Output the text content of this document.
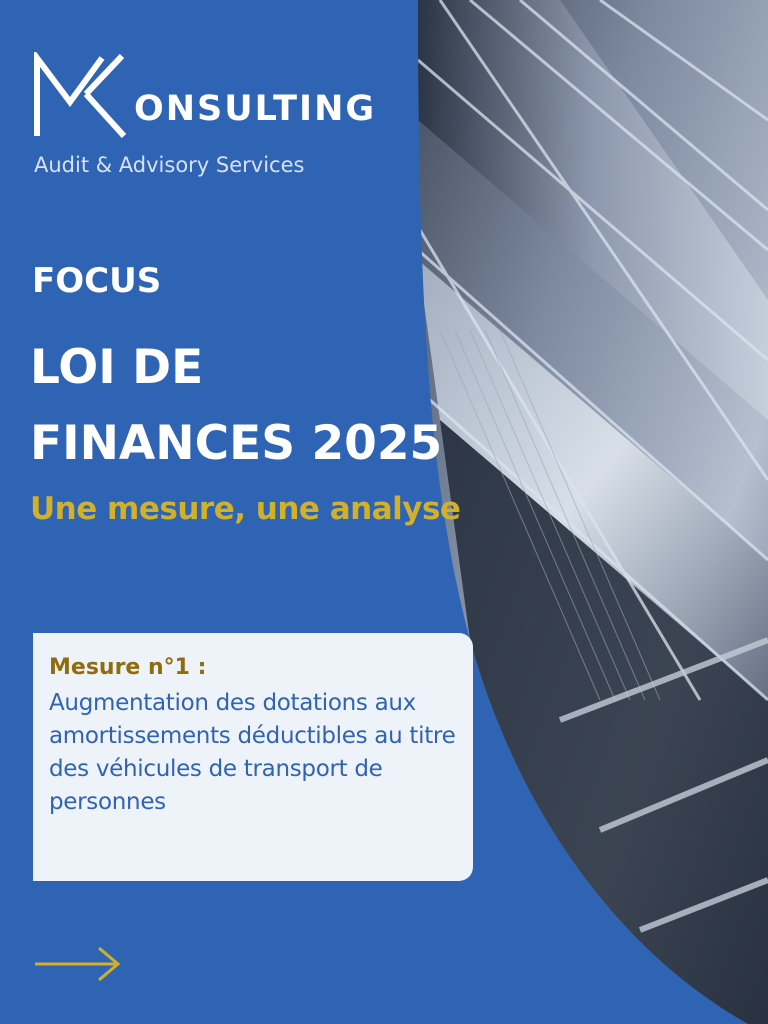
ONSULTING
Audit & Advisory Services
FOCUS
LOI DE
FINANCES 2025
Une mesure, une analyse
Mesure n°1 :
Augmentation des dotations aux amortissements déductibles au titre des véhicules de transport de personnes
